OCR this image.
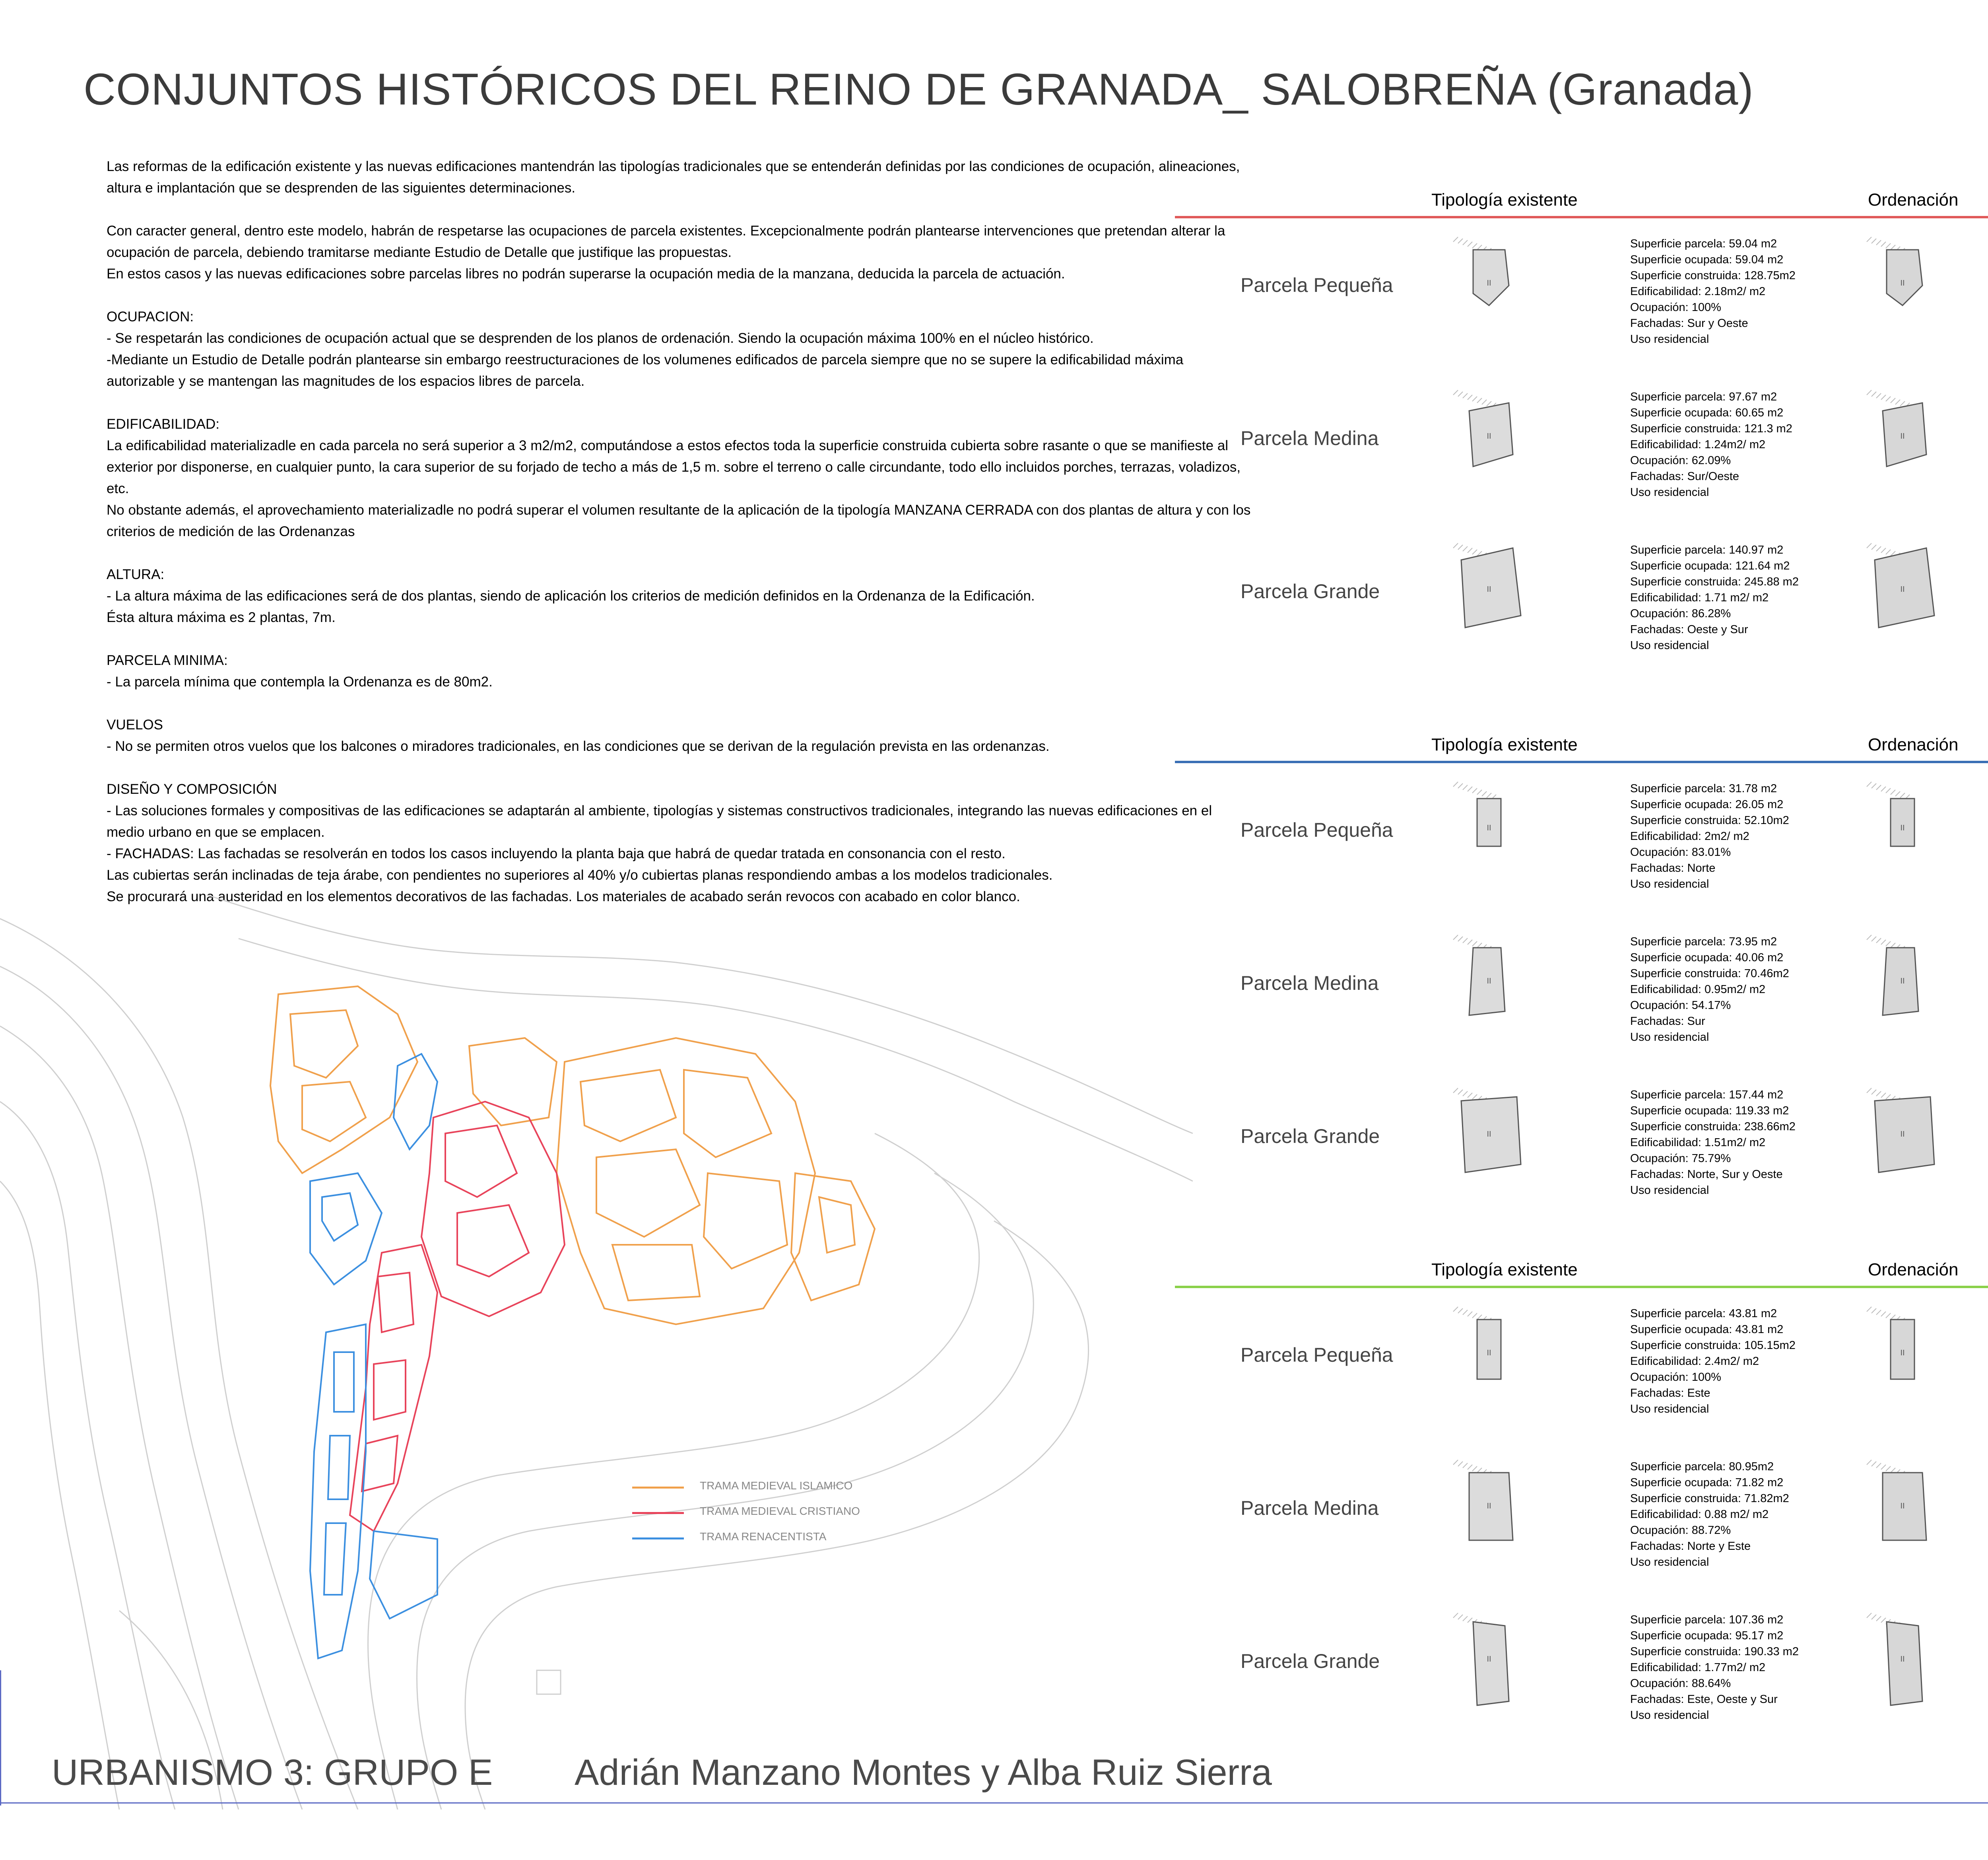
CONJUNTOS HISTÓRICOS DEL REINO DE GRANADA_ SALOBREÑA (Granada)

Las reformas de la edificación existente y las nuevas edificaciones mantendrán las tipologías tradicionales que se entenderán definidas por las condiciones de ocupación, alineaciones, altura e implantación que se desprenden de las siguientes determinaciones.

Con caracter general, dentro este modelo, habrán de respetarse las ocupaciones de parcela existentes. Excepcionalmente podrán plantearse intervenciones que pretendan alterar la ocupación de parcela, debiendo tramitarse mediante Estudio de Detalle que justifique las propuestas.

En estos casos y las nuevas edificaciones sobre parcelas libres no podrán superarse la ocupación media de la manzana, deducida la parcela de actuación.

OCUPACION:

- Se respetarán las condiciones de ocupación actual que se desprenden de los planos de ordenación. Siendo la ocupación máxima 100% en el núcleo histórico.

-Mediante un Estudio de Detalle podrán plantearse sin embargo reestructuraciones de los volumenes edificados de parcela siempre que no se supere la edificabilidad máxima autorizable y se mantengan las magnitudes de los espacios libres de parcela.

EDIFICABILIDAD:

La edificabilidad materializadle en cada parcela no será superior a 3 m2/m2, computándose a estos efectos toda la superficie construida cubierta sobre rasante o que se manifieste al exterior por disponerse, en cualquier punto, la cara superior de su forjado de techo a más de 1,5 m. sobre el terreno o calle circundante, todo ello incluidos porches, terrazas, voladizos, etc.

No obstante además, el aprovechamiento materializadle no podrá superar el volumen resultante de la aplicación de la tipología MANZANA CERRADA con dos plantas de altura y con los criterios de medición de las Ordenanzas

ALTURA:

- La altura máxima de las edificaciones será de dos plantas, siendo de aplicación los criterios de medición definidos en la Ordenanza de la Edificación.

Ésta altura máxima es 2 plantas, 7m.

PARCELA MINIMA:

- La parcela mínima que contempla la Ordenanza es de 80m2.

VUELOS

- No se permiten otros vuelos que los balcones o miradores tradicionales, en las condiciones que se derivan de la regulación prevista en las ordenanzas.

DISEÑO Y COMPOSICIÓN

- Las soluciones formales y compositivas de las edificaciones se adaptarán al ambiente, tipologías y sistemas constructivos tradicionales, integrando las nuevas edificaciones en el medio urbano en que se emplacen.

- FACHADAS: Las fachadas se resolverán en todos los casos incluyendo la planta baja que habrá de quedar tratada en consonancia con el resto.

Las cubiertas serán inclinadas de teja árabe, con pendientes no superiores al 40% y/o cubiertas planas respondiendo ambas a los modelos tradicionales.

Se procurará una austeridad en los elementos decorativos de las fachadas. Los materiales de acabado serán revocos con acabado en color blanco.

Tipología existente	Ordenación
Parcela Pequeña	II	II
Superficie parcela: 59.04 m2
Superficie ocupada: 59.04 m2
Superficie construida: 128.75m2
Edificabilidad: 2.18m2/ m2
Ocupación: 100%
Fachadas: Sur y Oeste
Uso residencial
Parcela Medina	II	II
Superficie parcela: 97.67 m2
Superficie ocupada: 60.65 m2
Superficie construida: 121.3 m2
Edificabilidad: 1.24m2/ m2
Ocupación: 62.09%
Fachadas: Sur/Oeste
Uso residencial
Parcela Grande	II	II
Superficie parcela: 140.97 m2
Superficie ocupada: 121.64 m2
Superficie construida: 245.88 m2
Edificabilidad: 1.71 m2/ m2
Ocupación: 86.28%
Fachadas: Oeste y Sur
Uso residencial
Tipología existente	Ordenación
Parcela Pequeña	II	II
Superficie parcela: 31.78 m2
Superficie ocupada: 26.05 m2
Superficie construida: 52.10m2
Edificabilidad: 2m2/ m2
Ocupación: 83.01%
Fachadas: Norte
Uso residencial
Parcela Medina	II	II
Superficie parcela: 73.95 m2
Superficie ocupada: 40.06 m2
Superficie construida: 70.46m2
Edificabilidad: 0.95m2/ m2
Ocupación: 54.17%
Fachadas: Sur
Uso residencial
Parcela Grande	II	II
Superficie parcela: 157.44 m2
Superficie ocupada: 119.33 m2
Superficie construida: 238.66m2
Edificabilidad: 1.51m2/ m2
Ocupación: 75.79%
Fachadas: Norte, Sur y Oeste
Uso residencial
Tipología existente	Ordenación
Parcela Pequeña	II	II
Superficie parcela: 43.81 m2
Superficie ocupada: 43.81 m2
Superficie construida: 105.15m2
Edificabilidad: 2.4m2/ m2
Ocupación: 100%
Fachadas: Este
Uso residencial
Parcela Medina	II	II
Superficie parcela: 80.95m2
Superficie ocupada: 71.82 m2
Superficie construida: 71.82m2
Edificabilidad: 0.88 m2/ m2
Ocupación: 88.72%
Fachadas: Norte y Este
Uso residencial
Parcela Grande	II	II
Superficie parcela: 107.36 m2
Superficie ocupada: 95.17 m2
Superficie construida: 190.33 m2
Edificabilidad: 1.77m2/ m2
Ocupación: 88.64%
Fachadas: Este, Oeste y Sur
Uso residencial
TRAMA MEDIEVAL ISLAMICO
TRAMA MEDIEVAL CRISTIANO
TRAMA RENACENTISTA
URBANISMO 3: GRUPO E Adrián Manzano Montes y Alba Ruiz Sierra
